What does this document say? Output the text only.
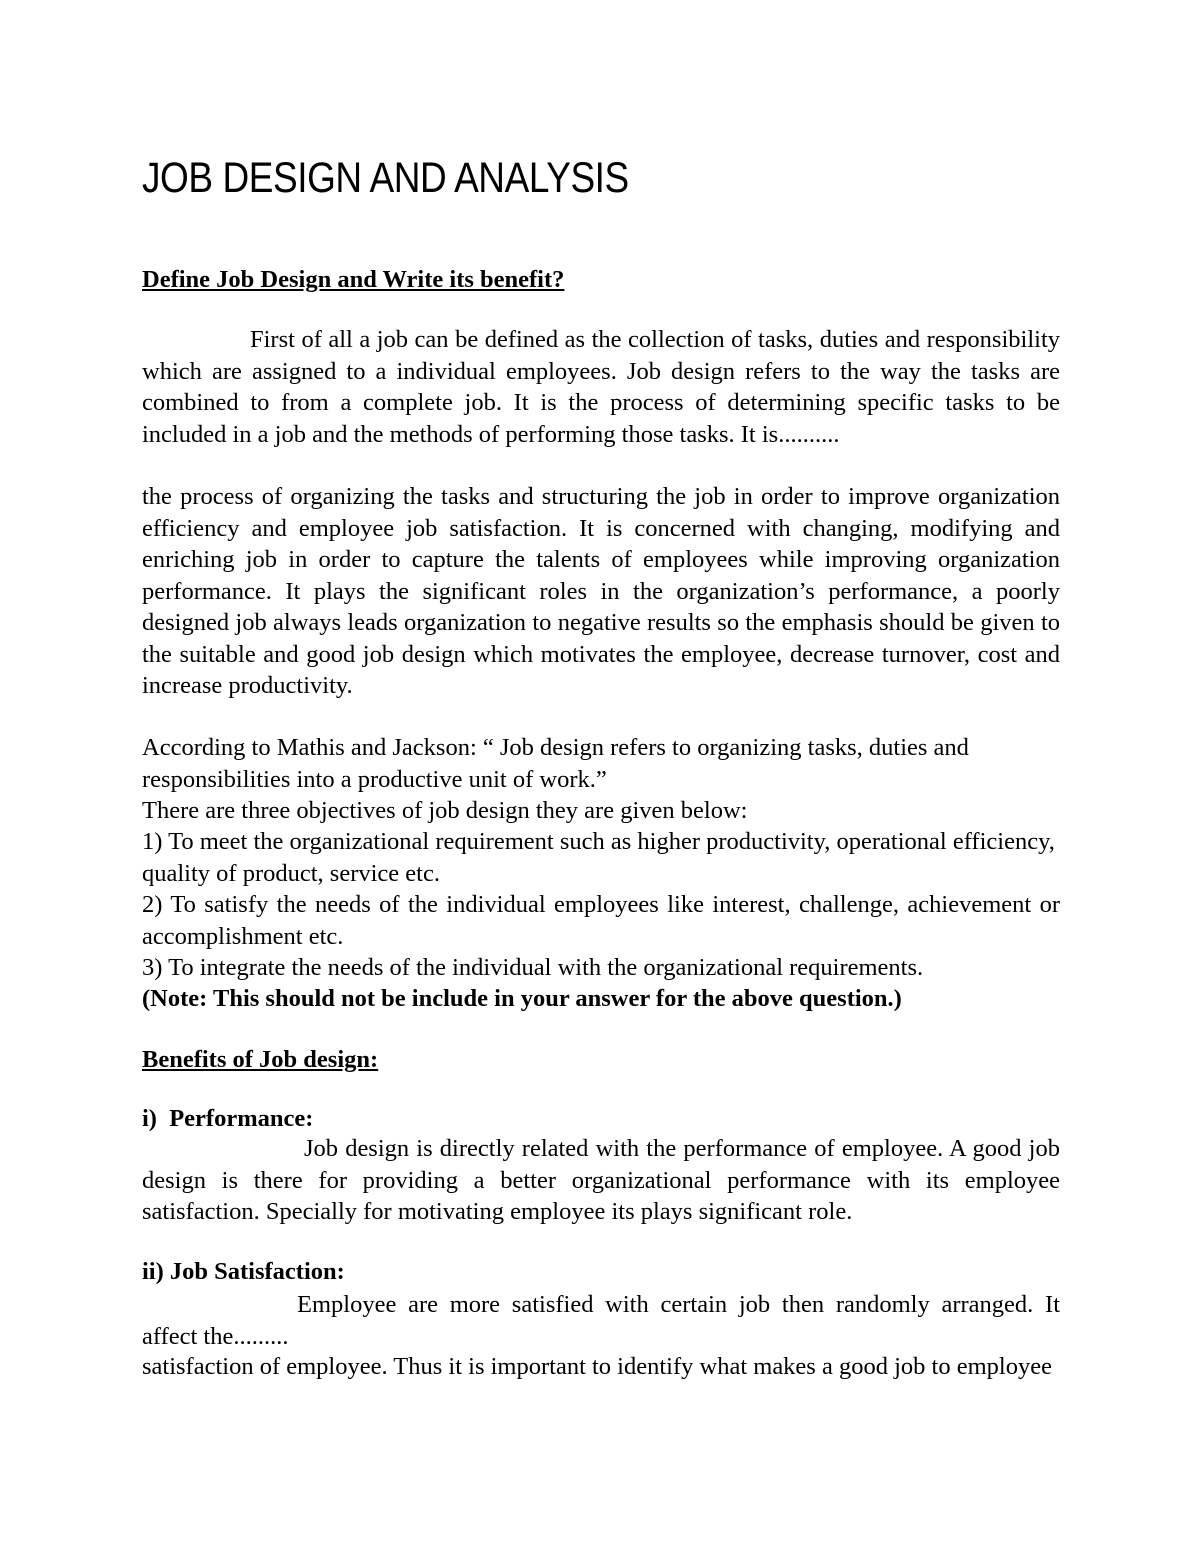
JOB DESIGN AND ANALYSIS

Define Job Design and Write its benefit?

First of all a job can be defined as the collection of tasks, duties and responsibility which are assigned to a individual employees. Job design refers to the way the tasks are combined to from a complete job. It is the process of determining specific tasks to be included in a job and the methods of performing those tasks. It is..........

the process of organizing the tasks and structuring the job in order to improve organization efficiency and employee job satisfaction. It is concerned with changing, modifying and enriching job in order to capture the talents of employees while improving organization performance. It plays the significant roles in the organization’s performance, a poorly designed job always leads organization to negative results so the emphasis should be given to the suitable and good job design which motivates the employee, decrease turnover, cost and increase productivity.

According to Mathis and Jackson: “ Job design refers to organizing tasks, duties and responsibilities into a productive unit of work.”

There are three objectives of job design they are given below:

1) To meet the organizational requirement such as higher productivity, operational efficiency, quality of product, service etc.

2) To satisfy the needs of the individual employees like interest, challenge, achievement or accomplishment etc.

3) To integrate the needs of the individual with the organizational requirements.

(Note: This should not be include in your answer for the above question.)

Benefits of Job design:

i)  Performance:

Job design is directly related with the performance of employee. A good job design is there for providing a better organizational performance with its employee satisfaction. Specially for motivating employee its plays significant role.

ii) Job Satisfaction:

Employee are more satisfied with certain job then randomly arranged. It affect the.........

satisfaction of employee. Thus it is important to identify what makes a good job to employee
